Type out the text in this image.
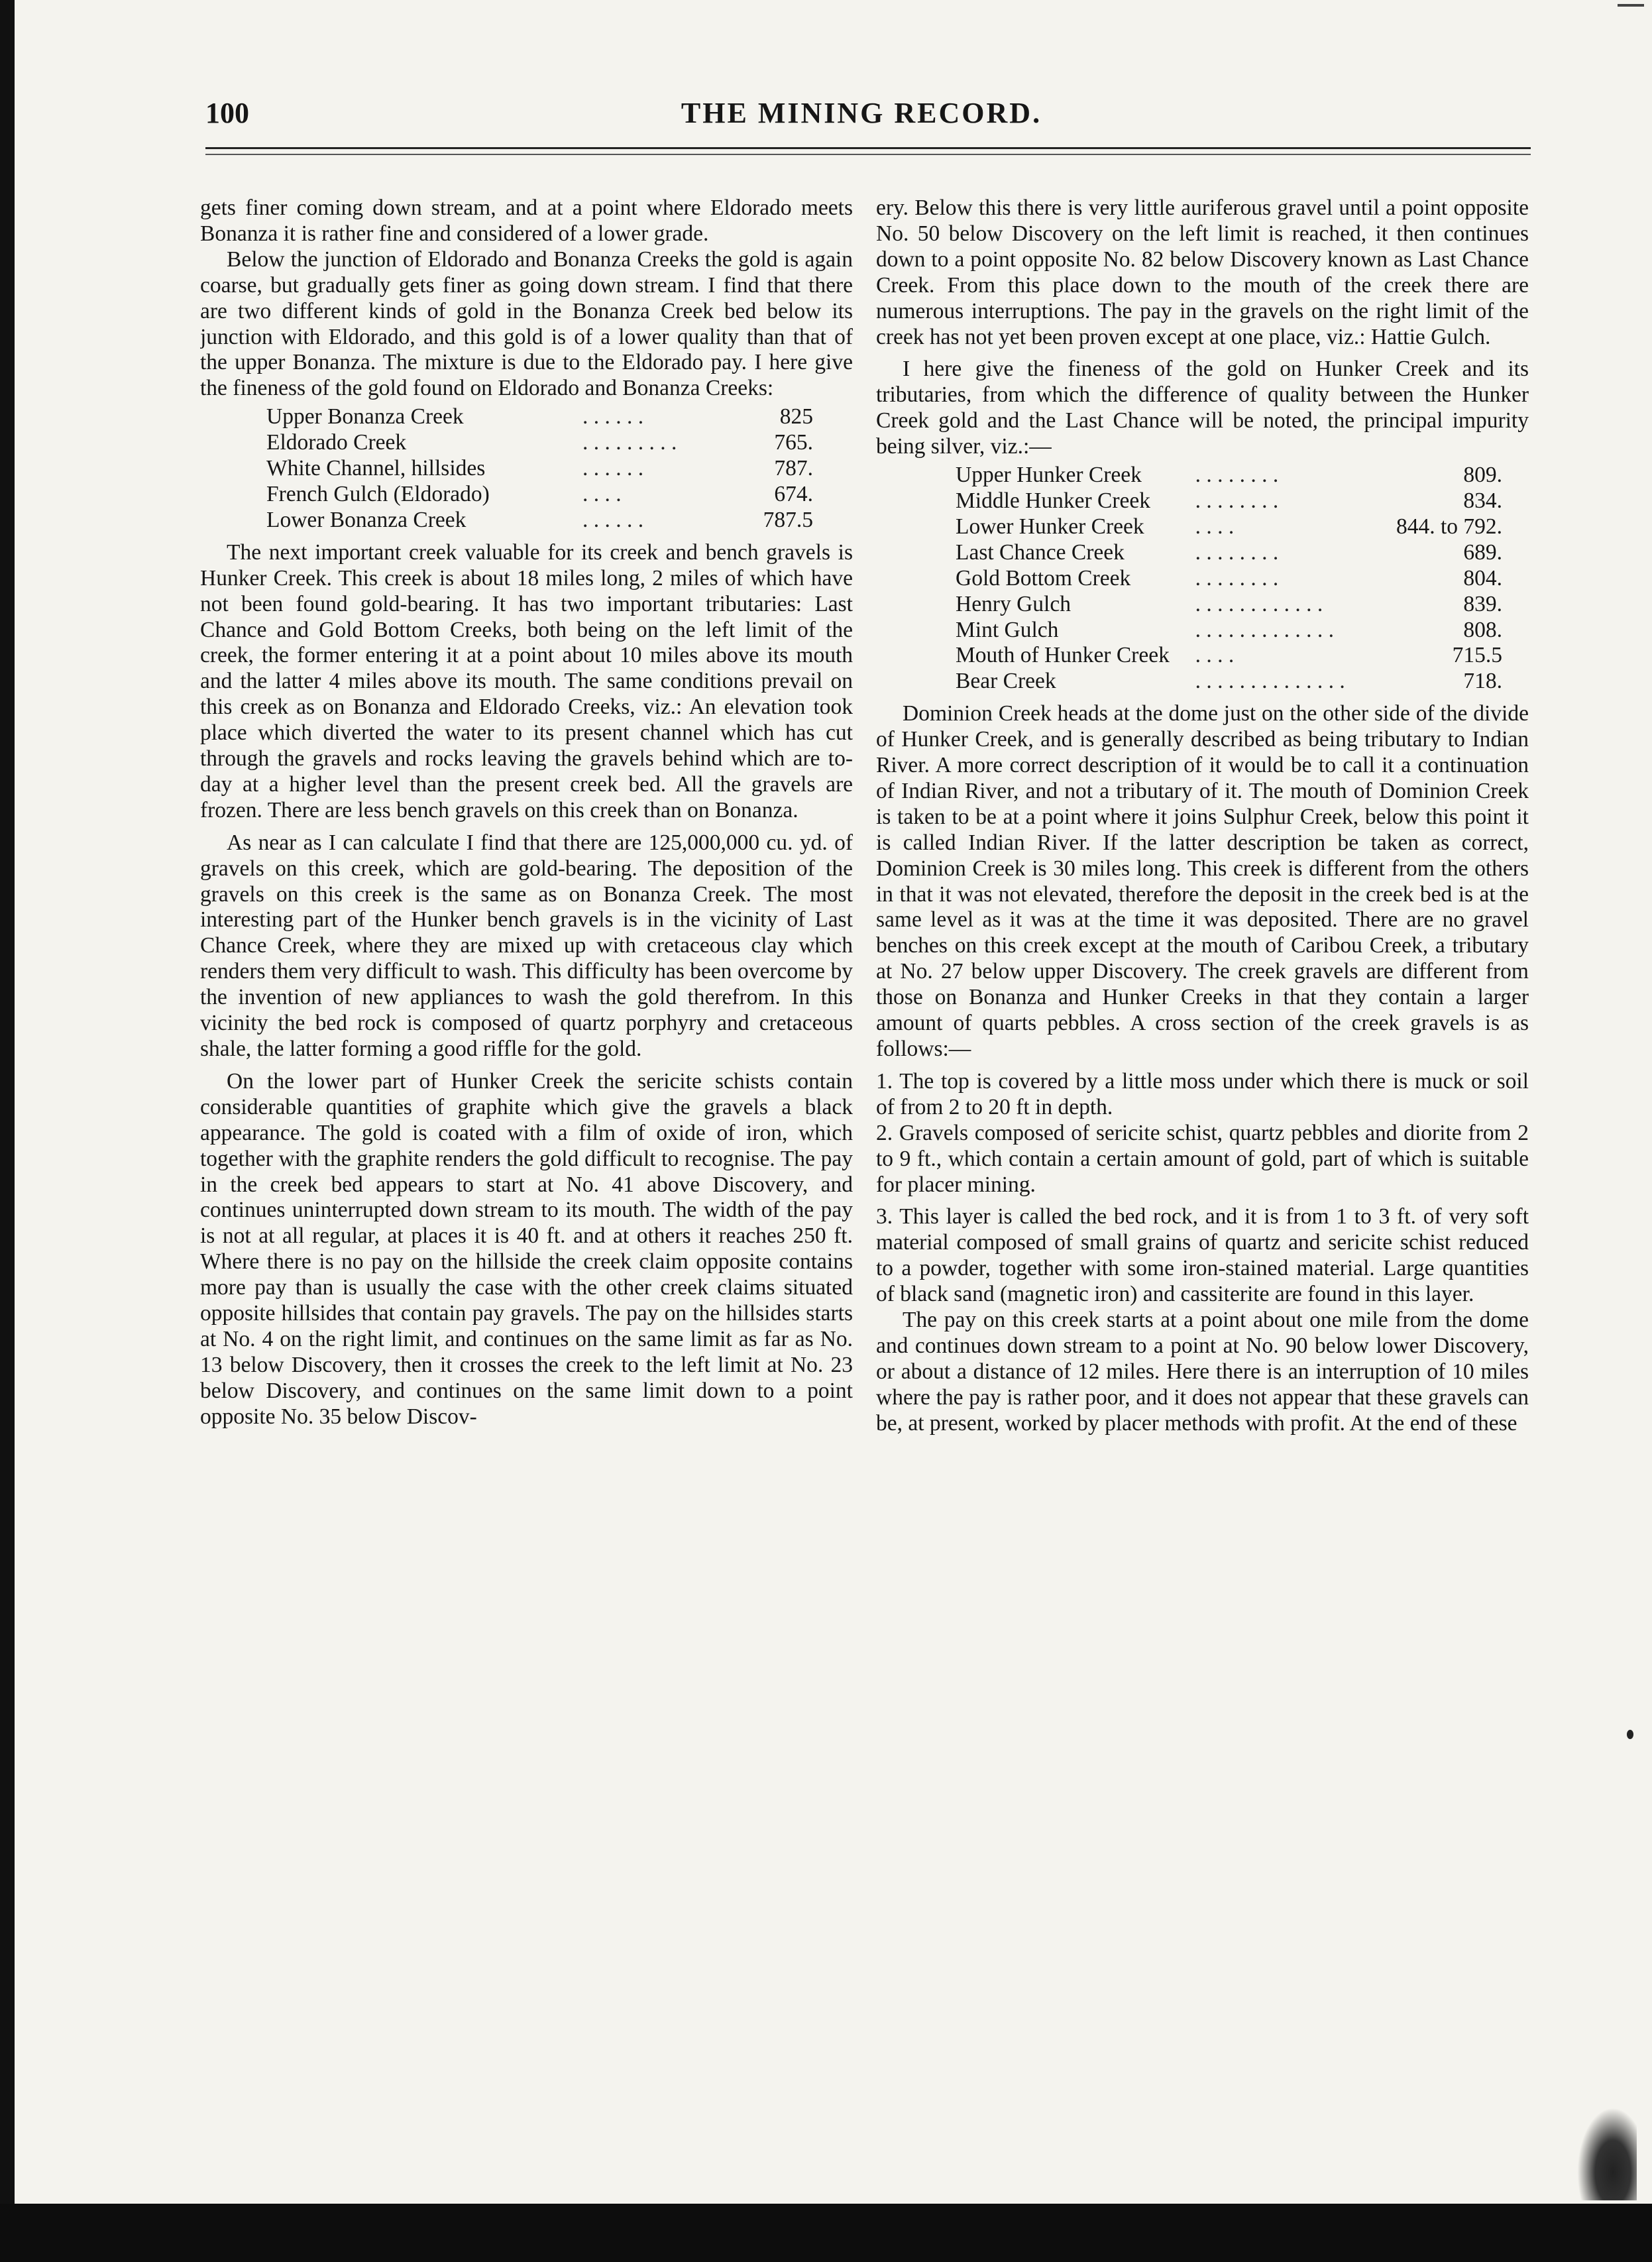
100	THE MINING RECORD.

gets finer coming down stream, and at a point where Eldorado meets Bonanza it is rather fine and considered of a lower grade.

Below the junction of Eldorado and Bonanza Creeks the gold is again coarse, but gradually gets finer as going down stream. I find that there are two different kinds of gold in the Bonanza Creek bed below its junction with Eldorado, and this gold is of a lower quality than that of the upper Bonanza. The mixture is due to the Eldorado pay. I here give the fineness of the gold found on Eldorado and Bonanza Creeks:

Upper Bonanza Creek	. . . . . .	825
Eldorado Creek	. . . . . . . . .	765.
White Channel, hillsides	. . . . . .	787.
French Gulch (Eldorado)	. . . .	674.
Lower Bonanza Creek	. . . . . .	787.5

The next important creek valuable for its creek and bench gravels is Hunker Creek. This creek is about 18 miles long, 2 miles of which have not been found gold-bearing. It has two important tributaries: Last Chance and Gold Bottom Creeks, both being on the left limit of the creek, the former entering it at a point about 10 miles above its mouth and the latter 4 miles above its mouth. The same conditions prevail on this creek as on Bonanza and Eldorado Creeks, viz.: An elevation took place which diverted the water to its present channel which has cut through the gravels and rocks leaving the gravels behind which are to-day at a higher level than the present creek bed. All the gravels are frozen. There are less bench gravels on this creek than on Bonanza.

As near as I can calculate I find that there are 125,000,000 cu. yd. of gravels on this creek, which are gold-bearing. The deposition of the gravels on this creek is the same as on Bonanza Creek. The most interesting part of the Hunker bench gravels is in the vicinity of Last Chance Creek, where they are mixed up with cretaceous clay which renders them very difficult to wash. This difficulty has been overcome by the invention of new appliances to wash the gold therefrom. In this vicinity the bed rock is composed of quartz porphyry and cretaceous shale, the latter forming a good riffle for the gold.

On the lower part of Hunker Creek the sericite schists contain considerable quantities of graphite which give the gravels a black appearance. The gold is coated with a film of oxide of iron, which together with the graphite renders the gold difficult to recognise. The pay in the creek bed appears to start at No. 41 above Discovery, and continues uninterrupted down stream to its mouth. The width of the pay is not at all regular, at places it is 40 ft. and at others it reaches 250 ft. Where there is no pay on the hillside the creek claim opposite contains more pay than is usually the case with the other creek claims situated opposite hillsides that contain pay gravels. The pay on the hillsides starts at No. 4 on the right limit, and continues on the same limit as far as No. 13 below Discovery, then it crosses the creek to the left limit at No. 23 below Discovery, and continues on the same limit down to a point opposite No. 35 below Discov-

ery. Below this there is very little auriferous gravel until a point opposite No. 50 below Discovery on the left limit is reached, it then continues down to a point opposite No. 82 below Discovery known as Last Chance Creek. From this place down to the mouth of the creek there are numerous interruptions. The pay in the gravels on the right limit of the creek has not yet been proven except at one place, viz.: Hattie Gulch.

I here give the fineness of the gold on Hunker Creek and its tributaries, from which the difference of quality between the Hunker Creek gold and the Last Chance will be noted, the principal impurity being silver, viz.:—

Upper Hunker Creek	. . . . . . . .	809.
Middle Hunker Creek	. . . . . . . .	834.
Lower Hunker Creek	. . . .	844. to 792.
Last Chance Creek	. . . . . . . .	689.
Gold Bottom Creek	. . . . . . . .	804.
Henry Gulch	. . . . . . . . . . . .	839.
Mint Gulch	. . . . . . . . . . . . .	808.
Mouth of Hunker Creek	. . . .	715.5
Bear Creek	. . . . . . . . . . . . . .	718.

Dominion Creek heads at the dome just on the other side of the divide of Hunker Creek, and is generally described as being tributary to Indian River. A more correct description of it would be to call it a continuation of Indian River, and not a tributary of it. The mouth of Dominion Creek is taken to be at a point where it joins Sulphur Creek, below this point it is called Indian River. If the latter description be taken as correct, Dominion Creek is 30 miles long. This creek is different from the others in that it was not elevated, therefore the deposit in the creek bed is at the same level as it was at the time it was deposited. There are no gravel benches on this creek except at the mouth of Caribou Creek, a tributary at No. 27 below upper Discovery. The creek gravels are different from those on Bonanza and Hunker Creeks in that they contain a larger amount of quarts pebbles. A cross section of the creek gravels is as follows:—

1. The top is covered by a little moss under which there is muck or soil of from 2 to 20 ft in depth.

2. Gravels composed of sericite schist, quartz pebbles and diorite from 2 to 9 ft., which contain a certain amount of gold, part of which is suitable for placer mining.

3. This layer is called the bed rock, and it is from 1 to 3 ft. of very soft material composed of small grains of quartz and sericite schist reduced to a powder, together with some iron-stained material. Large quantities of black sand (magnetic iron) and cassiterite are found in this layer.

The pay on this creek starts at a point about one mile from the dome and continues down stream to a point at No. 90 below lower Discovery, or about a distance of 12 miles. Here there is an interruption of 10 miles where the pay is rather poor, and it does not appear that these gravels can be, at present, worked by placer methods with profit. At the end of these
